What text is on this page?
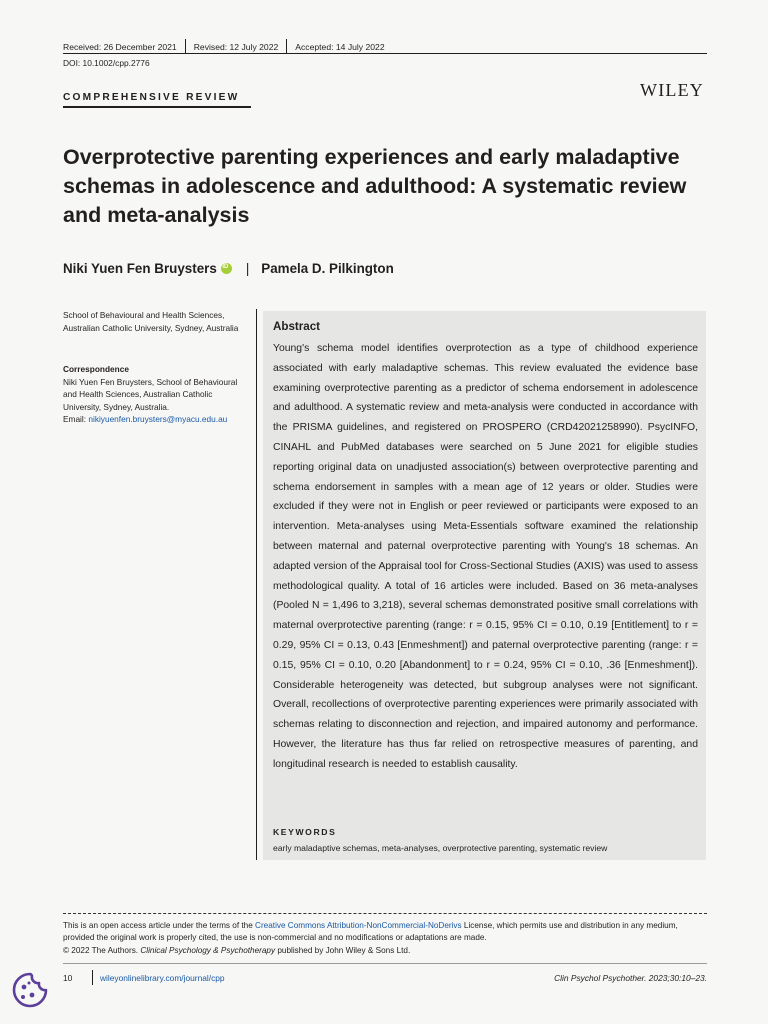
Received: 26 December 2021	Revised: 12 July 2022	Accepted: 14 July 2022
DOI: 10.1002/cpp.2776
COMPREHENSIVE REVIEW	WILEY
Overprotective parenting experiences and early maladaptive schemas in adolescence and adulthood: A systematic review and meta-analysis
Niki Yuen Fen Bruysters
iD | Pamela D. Pilkington
School of Behavioural and Health Sciences, Australian Catholic University, Sydney, Australia
Correspondence
Niki Yuen Fen Bruysters, School of Behavioural and Health Sciences, Australian Catholic University, Sydney, Australia.
Email: nikiyuenfen.bruysters@myacu.edu.au
Abstract
Young's schema model identifies overprotection as a type of childhood experience associated with early maladaptive schemas. This review evaluated the evidence base examining overprotective parenting as a predictor of schema endorsement in adolescence and adulthood. A systematic review and meta-analysis were conducted in accordance with the PRISMA guidelines, and registered on PROSPERO (CRD42021258990). PsycINFO, CINAHL and PubMed databases were searched on 5 June 2021 for eligible studies reporting original data on unadjusted association(s) between overprotective parenting and schema endorsement in samples with a mean age of 12 years or older. Studies were excluded if they were not in English or peer reviewed or participants were exposed to an intervention. Meta-analyses using Meta-Essentials software examined the relationship between maternal and paternal overprotective parenting with Young's 18 schemas. An adapted version of the Appraisal tool for Cross-Sectional Studies (AXIS) was used to assess methodological quality. A total of 16 articles were included. Based on 36 meta-analyses (Pooled N = 1,496 to 3,218), several schemas demonstrated positive small correlations with maternal overprotective parenting (range: r = 0.15, 95% CI = 0.10, 0.19 [Entitlement] to r = 0.29, 95% CI = 0.13, 0.43 [Enmeshment]) and paternal overprotective parenting (range: r = 0.15, 95% CI = 0.10, 0.20 [Abandonment] to r = 0.24, 95% CI = 0.10, .36 [Enmeshment]). Considerable heterogeneity was detected, but subgroup analyses were not significant. Overall, recollections of overprotective parenting experiences were primarily associated with schemas relating to disconnection and rejection, and impaired autonomy and performance. However, the literature has thus far relied on retrospective measures of parenting, and longitudinal research is needed to establish causality.
KEYWORDS
early maladaptive schemas, meta-analyses, overprotective parenting, systematic review
This is an open access article under the terms of the Creative Commons Attribution-NonCommercial-NoDerivs License, which permits use and distribution in any medium, provided the original work is properly cited, the use is non-commercial and no modifications or adaptations are made.
© 2022 The Authors. Clinical Psychology & Psychotherapy published by John Wiley & Sons Ltd.
10	wileyonlinelibrary.com/journal/cpp	Clin Psychol Psychother. 2023;30:10–23.
